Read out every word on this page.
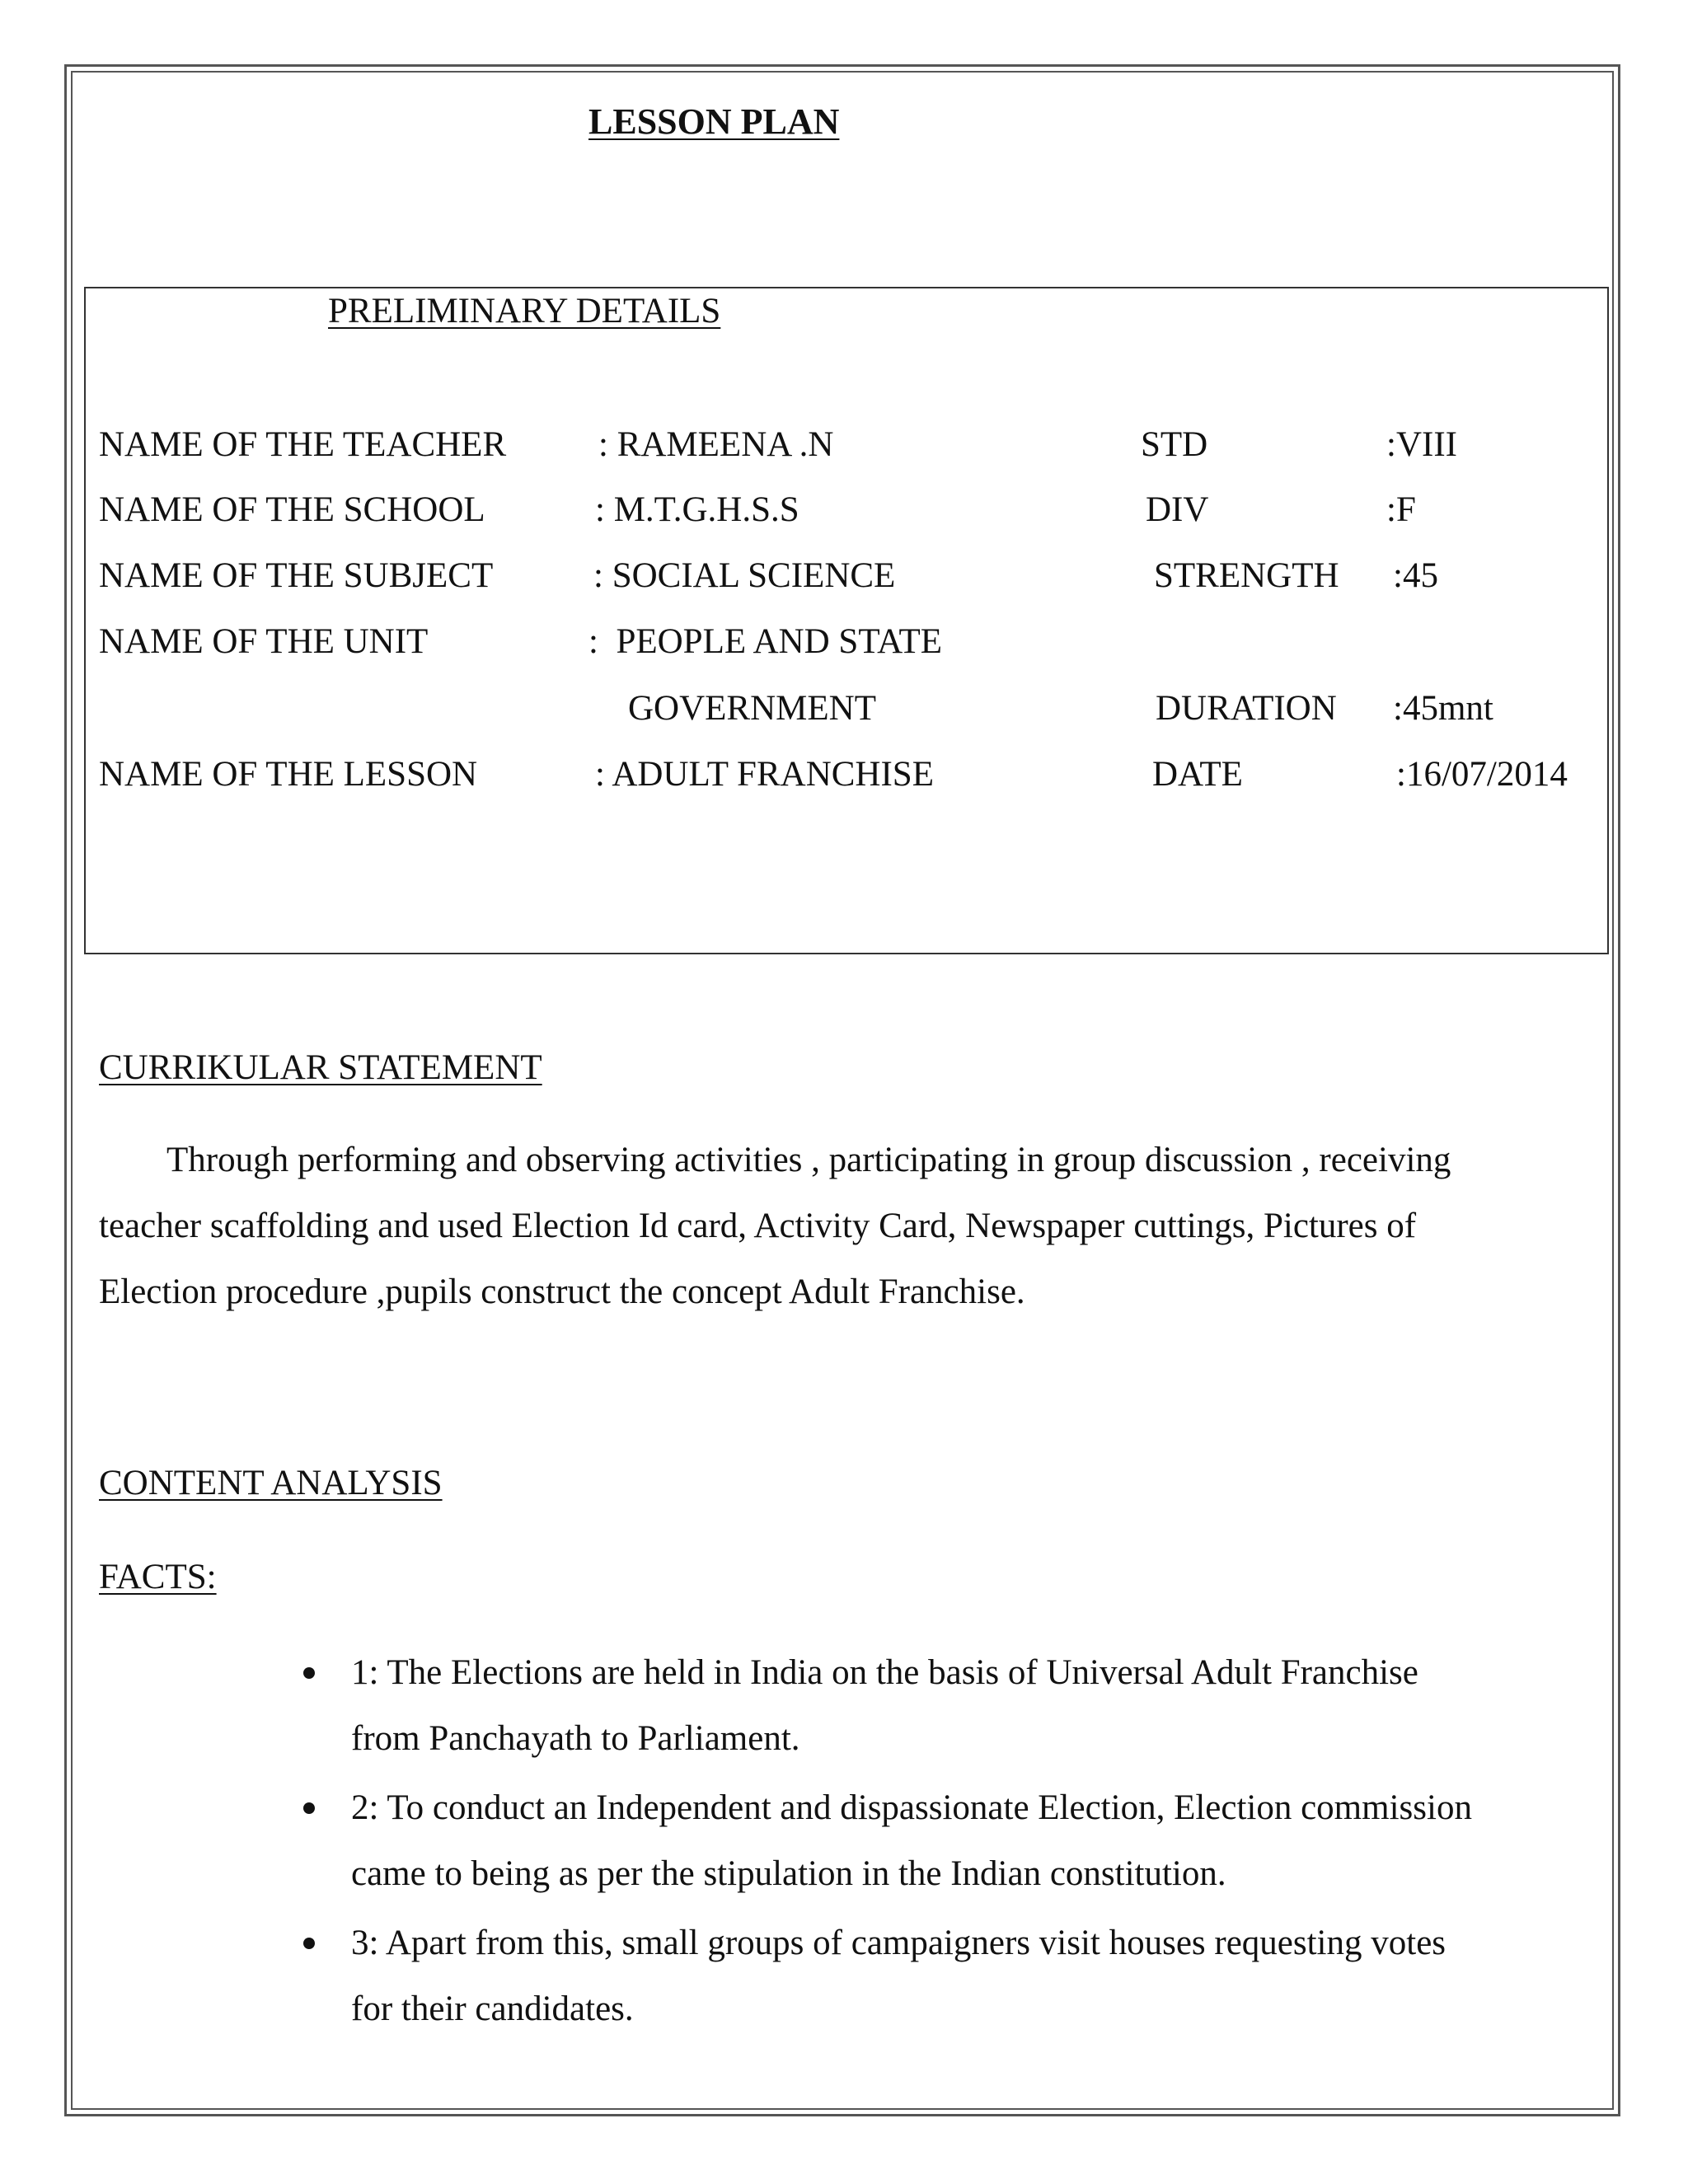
LESSON PLAN
PRELIMINARY DETAILS
NAME OF THE TEACHER	: RAMEENA .N	STD	:VIII
NAME OF THE SCHOOL	: M.T.G.H.S.S	DIV	:F
NAME OF THE SUBJECT	: SOCIAL SCIENCE	STRENGTH :45
NAME OF THE UNIT	:  PEOPLE AND STATE
GOVERNMENT	DURATION :45mnt
NAME OF THE LESSON	: ADULT FRANCHISE	DATE	:16/07/2014
CURRIKULAR STATEMENT
Through performing and observing activities , participating in group discussion , receiving
teacher scaffolding and used Election Id card, Activity Card, Newspaper cuttings, Pictures of
Election procedure ,pupils construct the concept Adult Franchise.
CONTENT ANALYSIS
FACTS:
1: The Elections are held in India on the basis of Universal Adult Franchise
from Panchayath to Parliament.
2: To conduct an Independent and dispassionate Election, Election commission
came to being as per the stipulation in the Indian constitution.
3: Apart from this, small groups of campaigners visit houses requesting votes
for their candidates.
